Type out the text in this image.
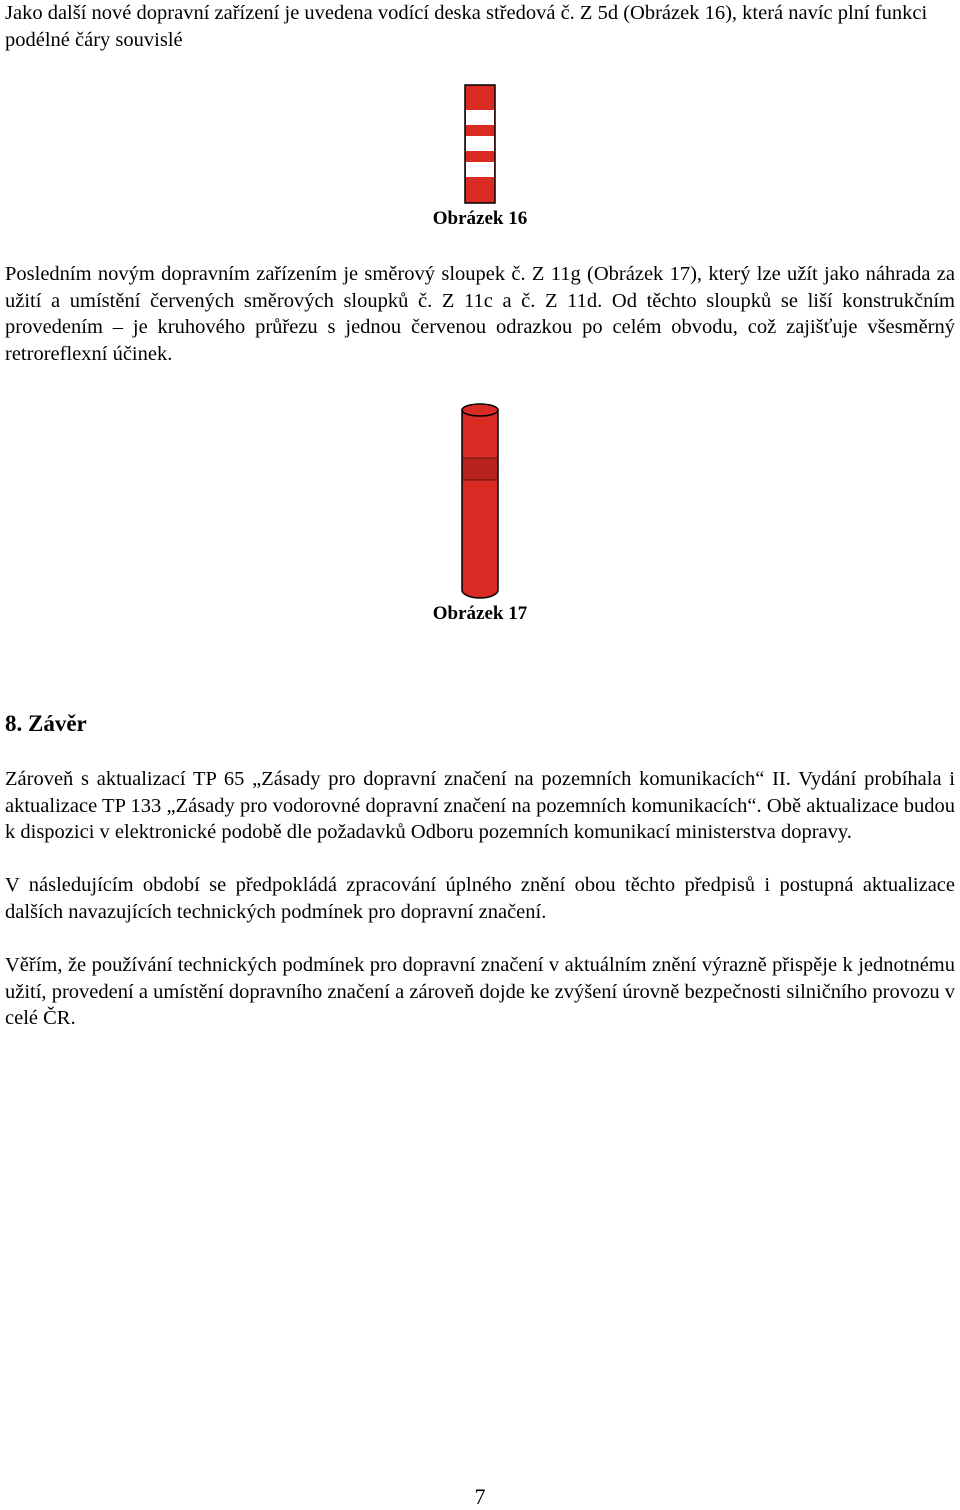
Jako další nové dopravní zařízení je uvedena vodící deska středová č. Z 5d (Obrázek 16), která navíc plní funkci podélné čáry souvislé

Obrázek 16

Posledním novým dopravním zařízením je směrový sloupek č. Z 11g (Obrázek 17), který lze užít jako náhrada za užití a umístění červených směrových sloupků č. Z 11c a č. Z 11d. Od těchto sloupků se liší konstrukčním provedením – je kruhového průřezu s jednou červenou odrazkou po celém obvodu, což zajišťuje všesměrný retroreflexní účinek.

Obrázek 17

8. Závěr

Zároveň s aktualizací TP 65 „Zásady pro dopravní značení na pozemních komunikacích“ II. Vydání probíhala i aktualizace TP 133 „Zásady pro vodorovné dopravní značení na pozemních komunikacích“. Obě aktualizace budou k dispozici v elektronické podobě dle požadavků Odboru pozemních komunikací ministerstva dopravy.

V následujícím období se předpokládá zpracování úplného znění obou těchto předpisů i postupná aktualizace dalších navazujících technických podmínek pro dopravní značení.

Věřím, že používání technických podmínek pro dopravní značení v aktuálním znění výrazně přispěje k jednotnému užití, provedení a umístění dopravního značení a zároveň dojde ke zvýšení úrovně bezpečnosti silničního provozu v celé ČR.

7
